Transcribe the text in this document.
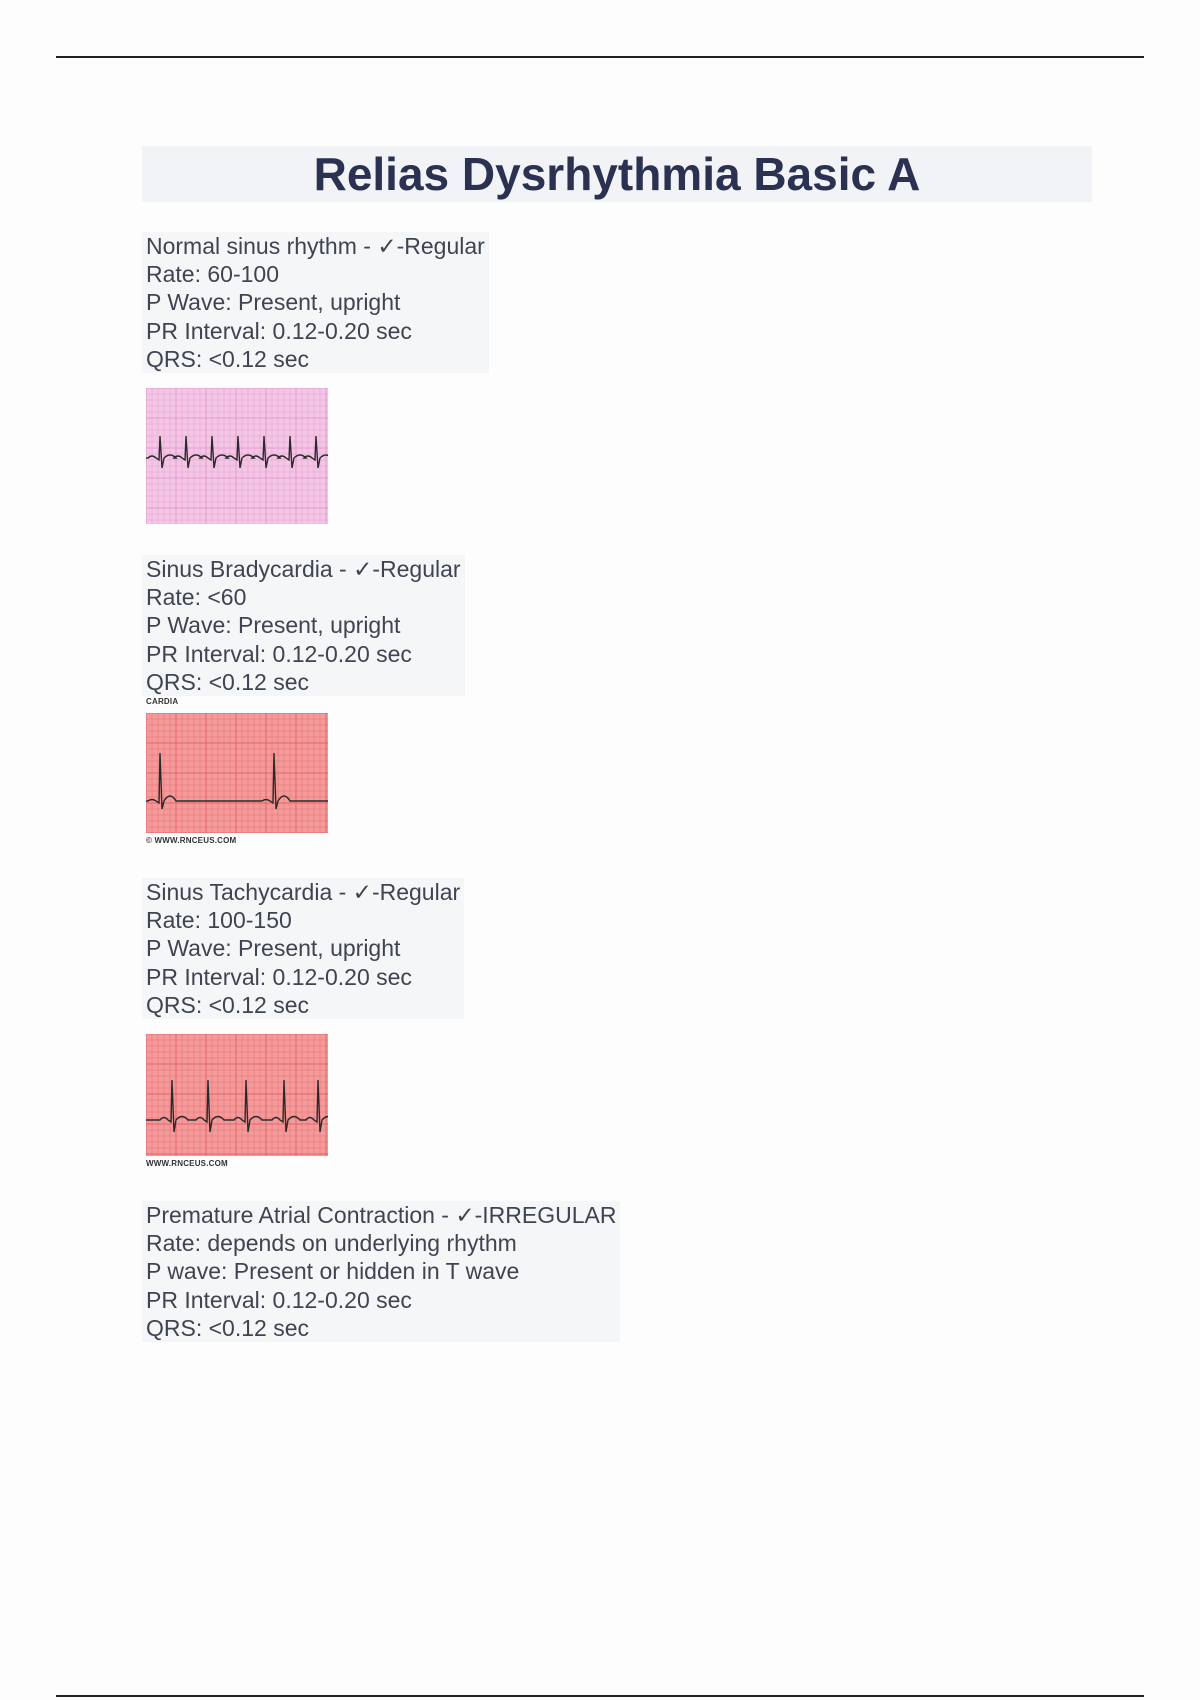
Relias Dysrhythmia Basic A
Normal sinus rhythm - ✓-Regular
Rate: 60-100
P Wave: Present, upright
PR Interval: 0.12-0.20 sec
QRS: <0.12 sec
Sinus Bradycardia - ✓-Regular
Rate: <60
P Wave: Present, upright
PR Interval: 0.12-0.20 sec
QRS: <0.12 sec
CARDIA
© WWW.RNCEUS.COM
Sinus Tachycardia - ✓-Regular
Rate: 100-150
P Wave: Present, upright
PR Interval: 0.12-0.20 sec
QRS: <0.12 sec
WWW.RNCEUS.COM
Premature Atrial Contraction - ✓-IRREGULAR
Rate: depends on underlying rhythm
P wave: Present or hidden in T wave
PR Interval: 0.12-0.20 sec
QRS: <0.12 sec
